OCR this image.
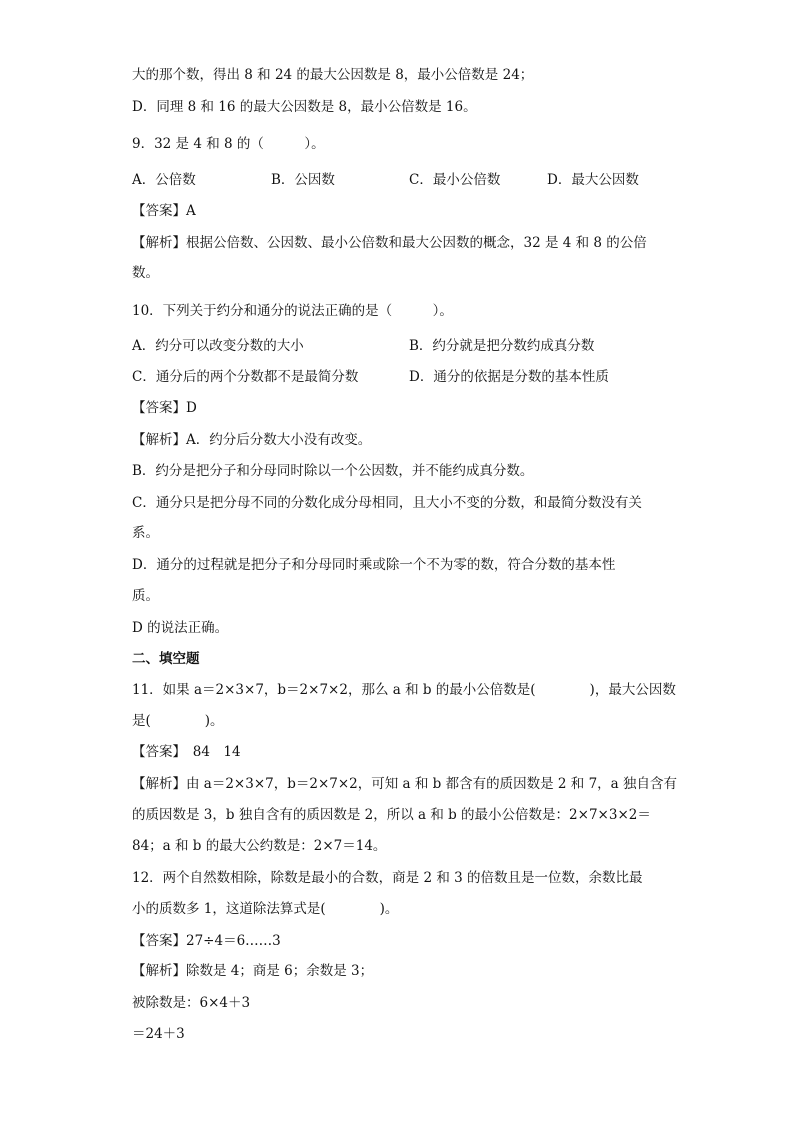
大的那个数，得出 8 和 24 的最大公因数是 8，最小公倍数是 24；
D．同理 8 和 16 的最大公因数是 8，最小公倍数是 16。
9．32 是 4 和 8 的（　　　）。
A．公倍数	B．公因数	C．最小公倍数	D．最大公因数
【答案】A
【解析】根据公倍数、公因数、最小公倍数和最大公因数的概念，32 是 4 和 8 的公倍
数。
10．下列关于约分和通分的说法正确的是（　　　）。
A．约分可以改变分数的大小	B．约分就是把分数约成真分数
C．通分后的两个分数都不是最简分数	D．通分的依据是分数的基本性质
【答案】D
【解析】A．约分后分数大小没有改变。
B．约分是把分子和分母同时除以一个公因数，并不能约成真分数。
C．通分只是把分母不同的分数化成分母相同，且大小不变的分数，和最简分数没有关
系。
D．通分的过程就是把分子和分母同时乘或除一个不为零的数，符合分数的基本性
质。
D 的说法正确。
二、填空题
11．如果 a＝2×3×7，b＝2×7×2，那么 a 和 b 的最小公倍数是(　　　　)，最大公因数
是(　　　　)。
【答案】　84　14
【解析】由 a＝2×3×7，b＝2×7×2，可知 a 和 b 都含有的质因数是 2 和 7，a 独自含有
的质因数是 3，b 独自含有的质因数是 2，所以 a 和 b 的最小公倍数是：2×7×3×2＝
84；a 和 b 的最大公约数是：2×7＝14。
12．两个自然数相除，除数是最小的合数，商是 2 和 3 的倍数且是一位数，余数比最
小的质数多 1，这道除法算式是(　　　　)。
【答案】27÷4＝6……3
【解析】除数是 4；商是 6；余数是 3；
被除数是：6×4＋3
＝24＋3
